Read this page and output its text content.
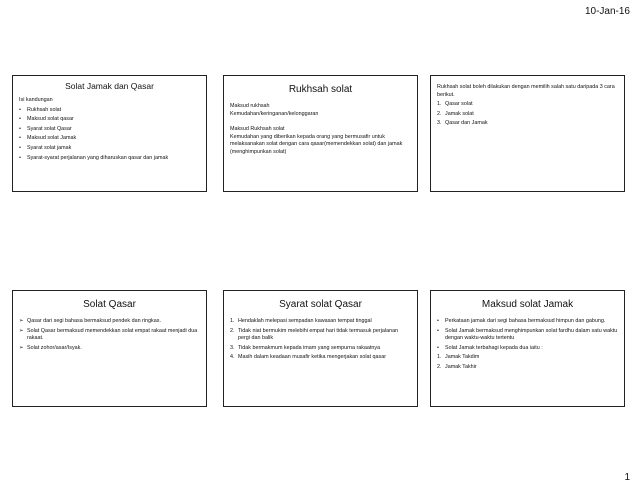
10-Jan-16
Solat Jamak dan Qasar
Isi kandungan
• Rukhsah solat
• Maksud solat qasar
• Syarat solat Qasar
• Maksud solat Jamak
• Syarat solat jamak
• Syarat-syarat perjalanan yang diharuskan qasar dan jamak
Rukhsah solat
Maksud rukhsah
Kemudahan/keringanan/kelonggaran
Maksud Rukhsah solat
Kemudahan yang diberikan kepada orang yang bermusafir untuk melaksanakan solat dengan cara qasar(memendekkan solat) dan jamak (menghimpunkan solat)
Rukhsah solat boleh dilakukan dengan memilih salah satu daripada 3 cara berikut.
1. Qasar solat
2. Jamak solat
3. Qasar dan Jamak
Solat Qasar
➢ Qasar dari segi bahasa bermaksud pendek dan ringkas.
➢ Solat Qasar bermaksud memendekkan solat empat rakaat menjadi dua rakaat.
➢ Solat zohor/asar/Isyak.
Syarat solat Qasar
1. Hendaklah melepasi sempadan kawasan tempat tinggal
2. Tidak niat bermukim melebihi empat hari tidak termasuk perjalanan pergi dan balik
3. Tidak bermakmum kepada imam yang sempurna rakaatnya
4. Masih dalam keadaan musafir ketika mengerjakan solat qasar
Maksud solat Jamak
• Perkataan jamak dari segi bahasa bermaksud himpun dan gabung.
• Solat Jamak bermaksud menghimpunkan solat fardhu dalam satu waktu dengan waktu-waktu tertentu
• Solat Jamak terbahagi kepada dua iaitu :
1. Jamak Takdim
2. Jamak Takhir
1
